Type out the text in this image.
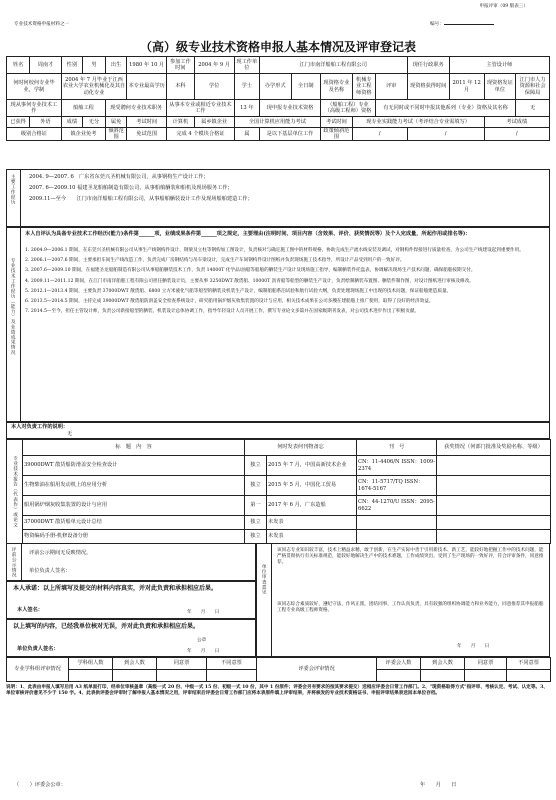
申报评审（09 版表三）
专业技术资格申报材料之一	编号：
（高）级专业技术资格申报人基本情况及评审登记表
姓名	周南才	性别	男	出生	1980 年 10 月	参加工作时间	2004 年 9 月	现工作单位	江门市南洋船舶工程有限公司					现任行政职务	主管设计师		
何时何校何专业毕业，学制		2004 年 7 月毕业于江西农业大学农业机械化及其自动化专业			本专业最高学历	本科	学位	学士	办学形式	全日制	现资格专业及名称	机械专业工程师资格	评审	现资格获得时间	2011 年 12 月	现资格发证单位	江门市人力资源和社会保障局
现从事何专业技术工作		船舶工程		现受聘何专业技术职务		从事本专业或相近专业技术工作		13 年	现申报专业技术资格		（船舶工程）专业（高级工程师）资格		有无同时或不同时申报其他系列（专业）资格及其名称				无
已获得	外语	成绩	无分	属免	考试时间	计算机	属乡镇企业	全国计算机应用能力考试			考试时间	现专业实践能力考试（考评结合专业需填写）				考试成绩	
级别合格证		镇企业免考		倾斜范围	免试范围	完成 4 个模块合格证		属	是以下基层单位工作		政策倾斜范围	/		/		/	
主要工作经历	2004. 9—2007. 6　广东省东莞兴圣机械有限公司，从事钢构生产设计工作；
2007. 6—2009.10 福建圣龙船舶制造有限公司，从事船舶舾装和船机及现场服务工作；
2009.11—至今　　江门市南洋船舶工程有限公司，从事船舶舾装设计工作及现场船舶建造工作；
专业技术工作经历（能力）及业绩成果情况
本人自评认为具备专业技术工作经历(能力)条件第______项，业绩成果条件第______项之规定，主要理由(注明时间、项目内容（含效果、评价、获奖情况等）及个人完成量，所起作用或排名等)：
1. 2004.9—2006.1 期间，在东莞兴圣机械有限公司从事生产线钢构件设计、钢梁及立柱等钢构加工图设计，负责核对与确定施工图中的材料规格，协助完成生产流水线安装及调试，对钢构件焊接进行质量检查，为公司生产线建设起到重要作用。
2. 2006.1—2007.6 期间，主要承担车间生产线改造工作，负责完成厂房钢结构与吊车梁设计，完成生产车间钢构件设计图纸并负责现场施工技术指导，所设计产品受到用户的一致好评。
3. 2007.6—2009.10 期间，在福建圣龙船舶制造有限公司从事船舶舾装技术工作，负责 14000T 化学品/油船等船舶的舾装生产设计及现场施工指导，编制舾装件托盘表，协调解决现场生产技术问题，确保船舶按期交付。
4. 2009.11—2011.12 期间，在江门市南洋船舶工程有限公司担任舾装设计员，主要从事 3250DWT 散货船、10000T 沥青船等船型的舾装生产设计，负责绘制舾装布置图、舾装件制作图，对设计图纸进行审核及修改。
5. 2012.1—2013.4 期间，主要负责 37000DWT 散货船、6800 立方米液化气船等船型的舾装及机装生产设计，编制船舶系泊试验和航行试验大纲，负责处理现场施工中出现的技术问题，保证船舶建造质量。
6. 2013.5—2014.5 期间，主持完成 39000DWT 散货船防滑盖安全检查系统设计，研究船用锅炉烟灰收集装置的设计与应用，相关技术成果在公司多艘在建船舶上推广使用，取得了良好的经济效益。
7. 2014.5—至今，担任主管设计师，负责公司新接船型的舾装、机装设计总体协调工作，指导年轻设计人员开展工作，撰写专业论文多篇并在国家级期刊发表，对公司技术进步作出了积极贡献。
本人对负责工作的说明：
无
专业技术报告（代表作）或论文	标　题　内　容	何时发表何刊物备忘		刊　号	获奖情况（何部门批准及奖励名称、等级）
	39000DWT 散货船防滑盖安全检查设计	独立	2015 年 7 月，中国高新技术企业	CN：11-4406/N ISSN：1009-2374	
	生物柴油在船用发动机上的应用分析	独立	2015 年 5 月，中国化工贸易	CN：11-5717/TQ ISSN：1674-5167	
	船用锅炉烟灰收集装置的设计与应用	第一	2017 年 6 月，广东造船	CN：44-1270/U ISSN：2095-6622	
	37000DWT 散货船单元设计总结	独立	未发表		
	物资编码手册-机修设备分册	独立	未发表		
评前公示情况 评前公示期间无反映情况。
单位负责人签名：	单位审查意见
该同志专业知识较丰富，技术上精益求精，敢于创新，在生产实际中善于引用新技术、新工艺，能较好地把握工作中的技术问题，能严格贯彻执行有关标准规范，能较好地解决生产中的技术难题，工作成绩突出，受到了生产现场的一致好评，符合评审条件，同意推荐。
该同志综合素质较好，遵纪守法，作风正派，团结同事，工作认真负责，具有较强的组织协调能力和业务能力，同意推荐其申报船舶工程专业高级工程师资格。
年　　月　　日
本人承诺：以上所填写及提交的材料内容真实，并对此负责和承担相应后果。
本人签名：	年　　月　　日
以上填写的内容，已经我单位核对无误，并对此负责和承担相应后果。
单位负责人签名：
公章
年　　月　　日
专业学科组评审情况	学科组人数	到会人数	同意票	不同意票	评委会评审情况	评委会人数	到会人数	同意票	不同意票

说明：1、此表由申报人填写后用 A3 纸单面打印，经单位审核盖章（高级一式 20 份、中级一式 15 份、初级一式 10 份，其中 1 份原件；评委会另有要求的按其要求提交）送相应评委会日常工作部门。2、"现资格取得方式"指评审、考核认定、考试、认定等。3、单位审核评价意见不少于 150 字。4、此表供评委会评审时了解申报人基本情况之用，评审结束后评委会日常工作部门应将本表原件填上评审结果，并将核发的专业技术资格证书、申报评审结果表送回本单位存档。
（　　）评委会公章：	年　　月　　日
